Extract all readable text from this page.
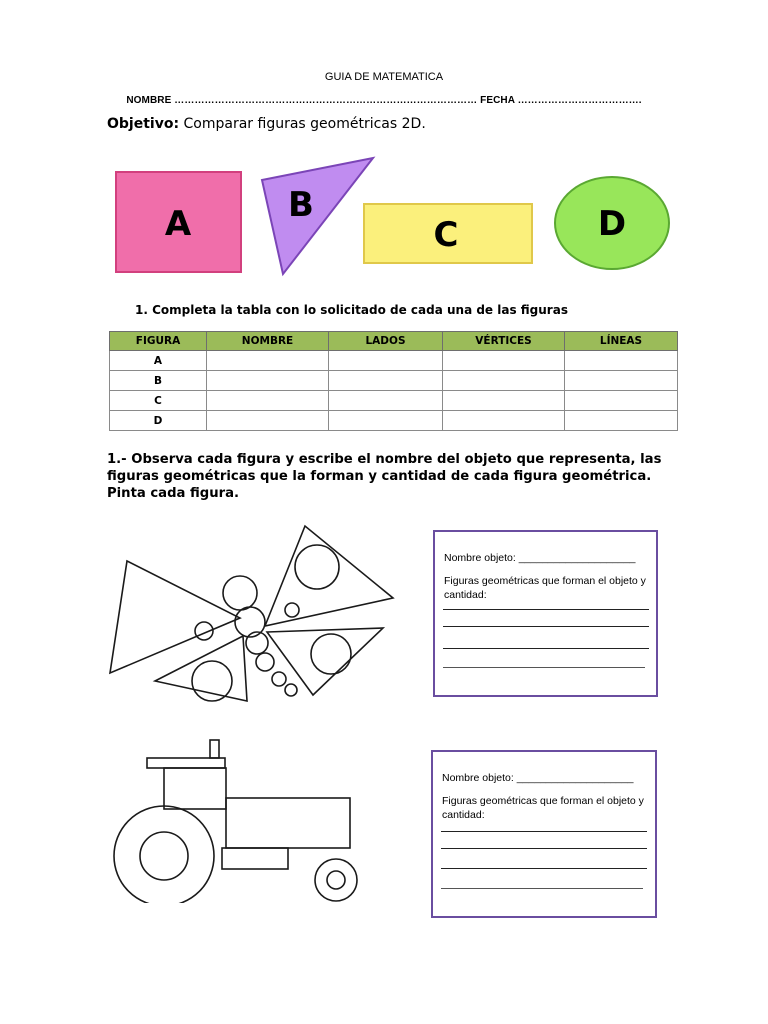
GUIA DE MATEMATICA
NOMBRE ……………………………………………………………………………… FECHA ……………………………….
Objetivo: Comparar figuras geométricas 2D.
A	B
C	D
1. Completa la tabla con lo solicitado de cada una de las figuras
FIGURA	NOMBRE	LADOS	VÉRTICES	LÍNEAS
A				
B				
C				
D				
1.- Observa cada figura y escribe el nombre del objeto que representa, las figuras geométricas que la forman y cantidad de cada figura geométrica. Pinta cada figura.
Nombre objeto: ____________________
Figuras geométricas que forman el objeto y cantidad:
Nombre objeto: ____________________
Figuras geométricas que forman el objeto y cantidad:
